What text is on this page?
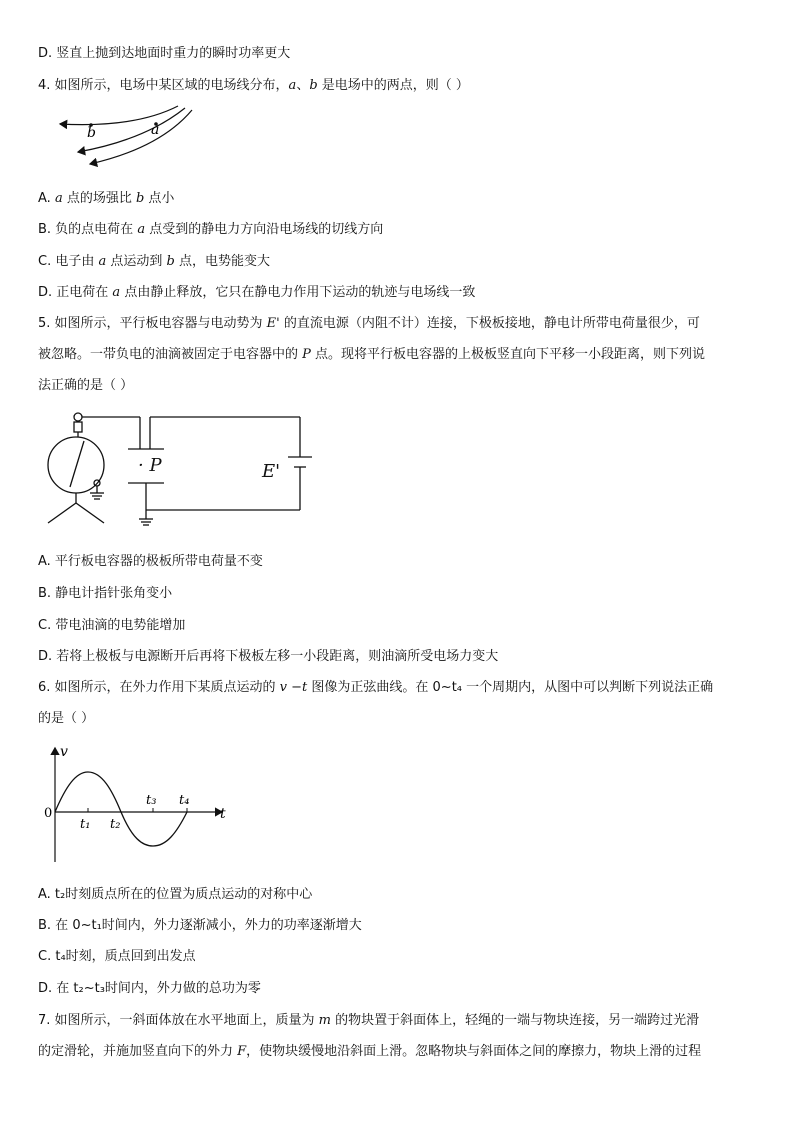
D. 竖直上抛到达地面时重力的瞬时功率更大
4. 如图所示，电场中某区域的电场线分布，a、b 是电场中的两点，则（ ）
b	a
A. a 点的场强比 b 点小
B. 负的点电荷在 a 点受到的静电力方向沿电场线的切线方向
C. 电子由 a 点运动到 b 点，电势能变大
D. 正电荷在 a 点由静止释放，它只在静电力作用下运动的轨迹与电场线一致
5. 如图所示，平行板电容器与电动势为 E' 的直流电源（内阻不计）连接，下极板接地，静电计所带电荷量很少，可
被忽略。一带负电的油滴被固定于电容器中的 P 点。现将平行板电容器的上极板竖直向下平移一小段距离，则下列说
法正确的是（ ）
· P	E'
A. 平行板电容器的极板所带电荷量不变
B. 静电计指针张角变小
C. 带电油滴的电势能增加
D. 若将上极板与电源断开后再将下极板左移一小段距离，则油滴所受电场力变大
6. 如图所示，在外力作用下某质点运动的 v −t 图像为正弦曲线。在 0~t₄ 一个周期内，从图中可以判断下列说法正确
的是（ ）
v
t
0
t₁ t₂
t₃ t₄
A. t₂时刻质点所在的位置为质点运动的对称中心
B. 在 0~t₁时间内，外力逐渐减小，外力的功率逐渐增大
C. t₄时刻，质点回到出发点
D. 在 t₂~t₃时间内，外力做的总功为零
7. 如图所示，一斜面体放在水平地面上，质量为 m 的物块置于斜面体上，轻绳的一端与物块连接，另一端跨过光滑
的定滑轮，并施加竖直向下的外力 F，使物块缓慢地沿斜面上滑。忽略物块与斜面体之间的摩擦力，物块上滑的过程
